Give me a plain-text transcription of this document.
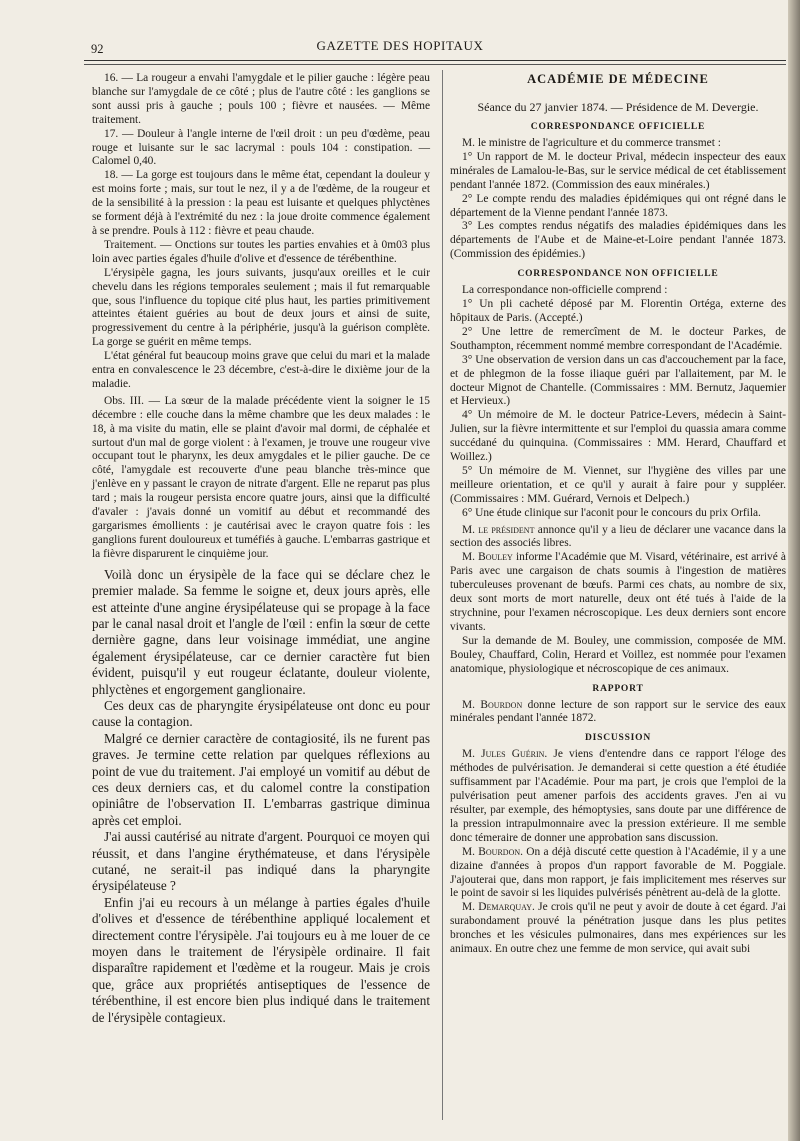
92	GAZETTE DES HOPITAUX

16. — La rougeur a envahi l'amygdale et le pilier gauche : légère peau blanche sur l'amygdale de ce côté ; plus de l'autre côté : les ganglions se sont aussi pris à gauche ; pouls 100 ; fièvre et nausées. — Même traitement.

17. — Douleur à l'angle interne de l'œil droit : un peu d'œdème, peau rouge et luisante sur le sac lacrymal : pouls 104 : constipation. — Calomel 0,40.

18. — La gorge est toujours dans le même état, cependant la douleur y est moins forte ; mais, sur tout le nez, il y a de l'œdème, de la rougeur et de la sensibilité à la pression : la peau est luisante et quelques phlyctènes se forment déjà à l'extrémité du nez : la joue droite commence également à se prendre. Pouls à 112 : fièvre et peau chaude.

Traitement. — Onctions sur toutes les parties envahies et à 0m03 plus loin avec parties égales d'huile d'olive et d'essence de térébenthine.

L'érysipèle gagna, les jours suivants, jusqu'aux oreilles et le cuir chevelu dans les régions temporales seulement ; mais il fut remarquable que, sous l'influence du topique cité plus haut, les parties primitivement atteintes étaient guéries au bout de deux jours et ainsi de suite, progressivement du centre à la périphérie, jusqu'à la guérison complète. La gorge se guérit en même temps.

L'état général fut beaucoup moins grave que celui du mari et la malade entra en convalescence le 23 décembre, c'est-à-dire le dixième jour de la maladie.

Obs. III. — La sœur de la malade précédente vient la soigner le 15 décembre : elle couche dans la même chambre que les deux malades : le 18, à ma visite du matin, elle se plaint d'avoir mal dormi, de céphalée et surtout d'un mal de gorge violent : à l'examen, je trouve une rougeur vive occupant tout le pharynx, les deux amygdales et le pilier gauche. De ce côté, l'amygdale est recouverte d'une peau blanche très-mince que j'enlève en y passant le crayon de nitrate d'argent. Elle ne reparut pas plus tard ; mais la rougeur persista encore quatre jours, ainsi que la difficulté d'avaler : j'avais donné un vomitif au début et recommandé des gargarismes émollients : je cautérisai avec le crayon quatre fois : les ganglions furent douloureux et tuméfiés à gauche. L'embarras gastrique et la fièvre disparurent le cinquième jour.

Voilà donc un érysipèle de la face qui se déclare chez le premier malade. Sa femme le soigne et, deux jours après, elle est atteinte d'une angine érysipélateuse qui se propage à la face par le canal nasal droit et l'angle de l'œil : enfin la sœur de cette dernière gagne, dans leur voisinage immédiat, une angine également érysipélateuse, car ce dernier caractère fut bien évident, puisqu'il y eut rougeur éclatante, douleur violente, phlyctènes et engorgement ganglionaire.

Ces deux cas de pharyngite érysipélateuse ont donc eu pour cause la contagion.

Malgré ce dernier caractère de contagiosité, ils ne furent pas graves. Je termine cette relation par quelques réflexions au point de vue du traitement. J'ai employé un vomitif au début de ces deux derniers cas, et du calomel contre la constipation opiniâtre de l'observation II. L'embarras gastrique diminua après cet emploi.

J'ai aussi cautérisé au nitrate d'argent. Pourquoi ce moyen qui réussit, et dans l'angine érythémateuse, et dans l'érysipèle cutané, ne serait-il pas indiqué dans la pharyngite érysipélateuse ?

Enfin j'ai eu recours à un mélange à parties égales d'huile d'olives et d'essence de térébenthine appliqué localement et directement contre l'érysipèle. J'ai toujours eu à me louer de ce moyen dans le traitement de l'érysipèle ordinaire. Il fait disparaître rapidement et l'œdème et la rougeur. Mais je crois que, grâce aux propriétés antiseptiques de l'essence de térébenthine, il est encore bien plus indiqué dans le traitement de l'érysipèle contagieux.

ACADÉMIE DE MÉDECINE
Séance du 27 janvier 1874. — Présidence de M. Devergie.
CORRESPONDANCE OFFICIELLE

M. le ministre de l'agriculture et du commerce transmet :

1° Un rapport de M. le docteur Prival, médecin inspecteur des eaux minérales de Lamalou-le-Bas, sur le service médical de cet établissement pendant l'année 1872. (Commission des eaux minérales.)

2° Le compte rendu des maladies épidémiques qui ont régné dans le département de la Vienne pendant l'année 1873.

3° Les comptes rendus négatifs des maladies épidémiques dans les départements de l'Aube et de Maine-et-Loire pendant l'année 1873. (Commission des épidémies.)

CORRESPONDANCE NON OFFICIELLE

La correspondance non-officielle comprend :

1° Un pli cacheté déposé par M. Florentin Ortéga, externe des hôpitaux de Paris. (Accepté.)

2° Une lettre de remercîment de M. le docteur Parkes, de Southampton, récemment nommé membre correspondant de l'Académie.

3° Une observation de version dans un cas d'accouchement par la face, et de phlegmon de la fosse iliaque guéri par l'allaitement, par M. le docteur Mignot de Chantelle. (Commissaires : MM. Bernutz, Jaquemier et Hervieux.)

4° Un mémoire de M. le docteur Patrice-Levers, médecin à Saint-Julien, sur la fièvre intermittente et sur l'emploi du quassia amara comme succédané du quinquina. (Commissaires : MM. Herard, Chauffard et Woillez.)

5° Un mémoire de M. Viennet, sur l'hygiène des villes par une meilleure orientation, et ce qu'il y aurait à faire pour y suppléer. (Commissaires : MM. Guérard, Vernois et Delpech.)

6° Une étude clinique sur l'aconit pour le concours du prix Orfila.

M. le président annonce qu'il y a lieu de déclarer une vacance dans la section des associés libres.

M. Bouley informe l'Académie que M. Visard, vétérinaire, est arrivé à Paris avec une cargaison de chats soumis à l'ingestion de matières tuberculeuses provenant de bœufs. Parmi ces chats, au nombre de six, deux sont morts de mort naturelle, deux ont été tués à l'aide de la strychnine, pour l'examen nécroscopique. Les deux derniers sont encore vivants.

Sur la demande de M. Bouley, une commission, composée de MM. Bouley, Chauffard, Colin, Herard et Voillez, est nommée pour l'examen anatomique, physiologique et nécroscopique de ces animaux.

RAPPORT

M. Bourdon donne lecture de son rapport sur le service des eaux minérales pendant l'année 1872.

DISCUSSION

M. Jules Guérin. Je viens d'entendre dans ce rapport l'éloge des méthodes de pulvérisation. Je demanderai si cette question a été étudiée suffisamment par l'Académie. Pour ma part, je crois que l'emploi de la pulvérisation peut amener parfois des accidents graves. J'en ai vu résulter, par exemple, des hémoptysies, sans doute par une différence de la pression intrapulmonnaire avec la pression extérieure. Il me semble donc témeraire de donner une approbation sans discussion.

M. Bourdon. On a déjà discuté cette question à l'Académie, il y a une dizaine d'années à propos d'un rapport favorable de M. Poggiale. J'ajouterai que, dans mon rapport, je fais implicitement mes réserves sur le point de savoir si les liquides pulvérisés pénètrent au-delà de la glotte.

M. Demarquay. Je crois qu'il ne peut y avoir de doute à cet égard. J'ai surabondament prouvé la pénétration jusque dans les plus petites bronches et les vésicules pulmonaires, dans mes expériences sur les animaux. En outre chez une femme de mon service, qui avait subi
